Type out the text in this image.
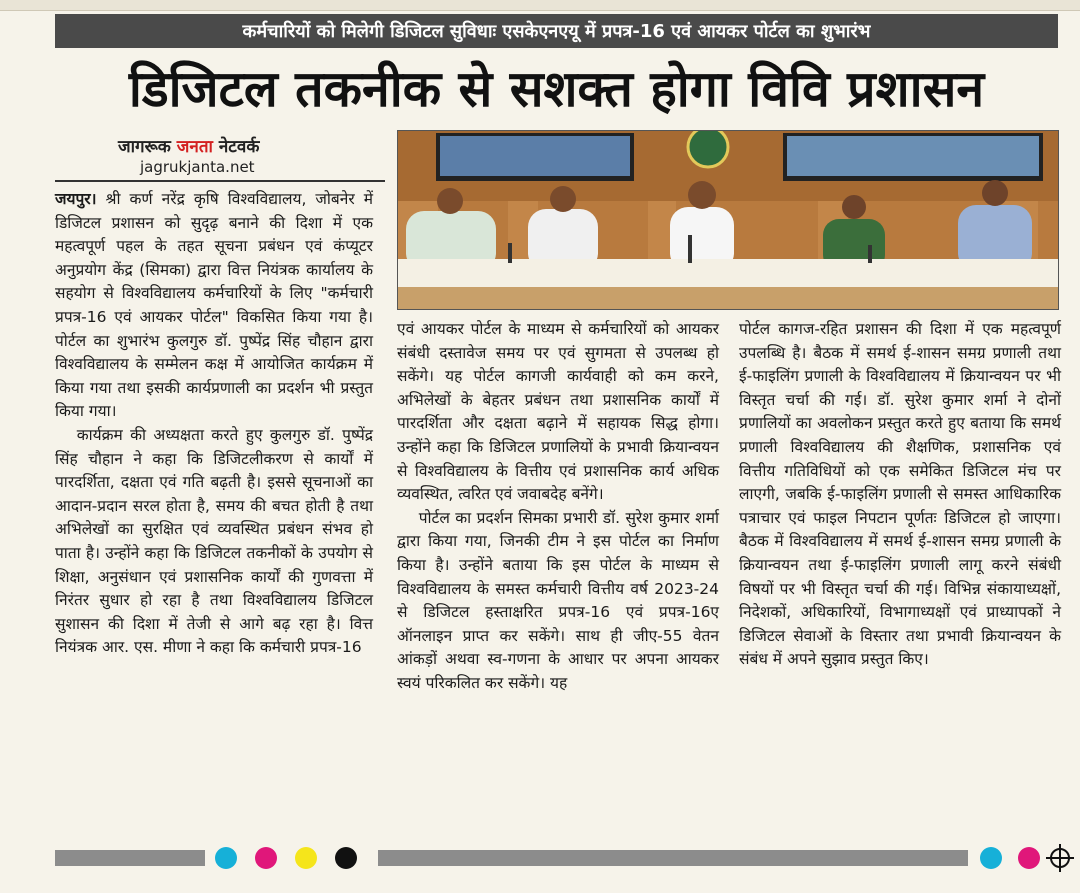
कर्मचारियों को मिलेगी डिजिटल सुविधाः एसकेएनएयू में प्रपत्र-16 एवं आयकर पोर्टल का शुभारंभ
डिजिटल तकनीक से सशक्त होगा विवि प्रशासन
जागरूक जनता नेटवर्क
jagrukjanta.net

जयपुर। श्री कर्ण नरेंद्र कृषि विश्वविद्यालय, जोबनेर में डिजिटल प्रशासन को सुदृढ़ बनाने की दिशा में एक महत्वपूर्ण पहल के तहत सूचना प्रबंधन एवं कंप्यूटर अनुप्रयोग केंद्र (सिमका) द्वारा वित्त नियंत्रक कार्यालय के सहयोग से विश्वविद्यालय कर्मचारियों के लिए "कर्मचारी प्रपत्र-16 एवं आयकर पोर्टल" विकसित किया गया है। पोर्टल का शुभारंभ कुलगुरु डॉ. पुष्पेंद्र सिंह चौहान द्वारा विश्वविद्यालय के सम्मेलन कक्ष में आयोजित कार्यक्रम में किया गया तथा इसकी कार्यप्रणाली का प्रदर्शन भी प्रस्तुत किया गया।

कार्यक्रम की अध्यक्षता करते हुए कुलगुरु डॉ. पुष्पेंद्र सिंह चौहान ने कहा कि डिजिटलीकरण से कार्यों में पारदर्शिता, दक्षता एवं गति बढ़ती है। इससे सूचनाओं का आदान-प्रदान सरल होता है, समय की बचत होती है तथा अभिलेखों का सुरक्षित एवं व्यवस्थित प्रबंधन संभव हो पाता है। उन्होंने कहा कि डिजिटल तकनीकों के उपयोग से शिक्षा, अनुसंधान एवं प्रशासनिक कार्यों की गुणवत्ता में निरंतर सुधार हो रहा है तथा विश्वविद्यालय डिजिटल सुशासन की दिशा में तेजी से आगे बढ़ रहा है। वित्त नियंत्रक आर. एस. मीणा ने कहा कि कर्मचारी प्रपत्र-16

एवं आयकर पोर्टल के माध्यम से कर्मचारियों को आयकर संबंधी दस्तावेज समय पर एवं सुगमता से उपलब्ध हो सकेंगे। यह पोर्टल कागजी कार्यवाही को कम करने, अभिलेखों के बेहतर प्रबंधन तथा प्रशासनिक कार्यों में पारदर्शिता और दक्षता बढ़ाने में सहायक सिद्ध होगा। उन्होंने कहा कि डिजिटल प्रणालियों के प्रभावी क्रियान्वयन से विश्वविद्यालय के वित्तीय एवं प्रशासनिक कार्य अधिक व्यवस्थित, त्वरित एवं जवाबदेह बनेंगे।

पोर्टल का प्रदर्शन सिमका प्रभारी डॉ. सुरेश कुमार शर्मा द्वारा किया गया, जिनकी टीम ने इस पोर्टल का निर्माण किया है। उन्होंने बताया कि इस पोर्टल के माध्यम से विश्वविद्यालय के समस्त कर्मचारी वित्तीय वर्ष 2023-24 से डिजिटल हस्ताक्षरित प्रपत्र-16 एवं प्रपत्र-16ए ऑनलाइन प्राप्त कर सकेंगे। साथ ही जीए-55 वेतन आंकड़ों अथवा स्व-गणना के आधार पर अपना आयकर स्वयं परिकलित कर सकेंगे। यह

पोर्टल कागज-रहित प्रशासन की दिशा में एक महत्वपूर्ण उपलब्धि है। बैठक में समर्थ ई-शासन समग्र प्रणाली तथा ई-फाइलिंग प्रणाली के विश्वविद्यालय में क्रियान्वयन पर भी विस्तृत चर्चा की गई। डॉ. सुरेश कुमार शर्मा ने दोनों प्रणालियों का अवलोकन प्रस्तुत करते हुए बताया कि समर्थ प्रणाली विश्वविद्यालय की शैक्षणिक, प्रशासनिक एवं वित्तीय गतिविधियों को एक समेकित डिजिटल मंच पर लाएगी, जबकि ई-फाइलिंग प्रणाली से समस्त आधिकारिक पत्राचार एवं फाइल निपटान पूर्णतः डिजिटल हो जाएगा। बैठक में विश्वविद्यालय में समर्थ ई-शासन समग्र प्रणाली के क्रियान्वयन तथा ई-फाइलिंग प्रणाली लागू करने संबंधी विषयों पर भी विस्तृत चर्चा की गई। विभिन्न संकायाध्यक्षों, निदेशकों, अधिकारियों, विभागाध्यक्षों एवं प्राध्यापकों ने डिजिटल सेवाओं के विस्तार तथा प्रभावी क्रियान्वयन के संबंध में अपने सुझाव प्रस्तुत किए।
